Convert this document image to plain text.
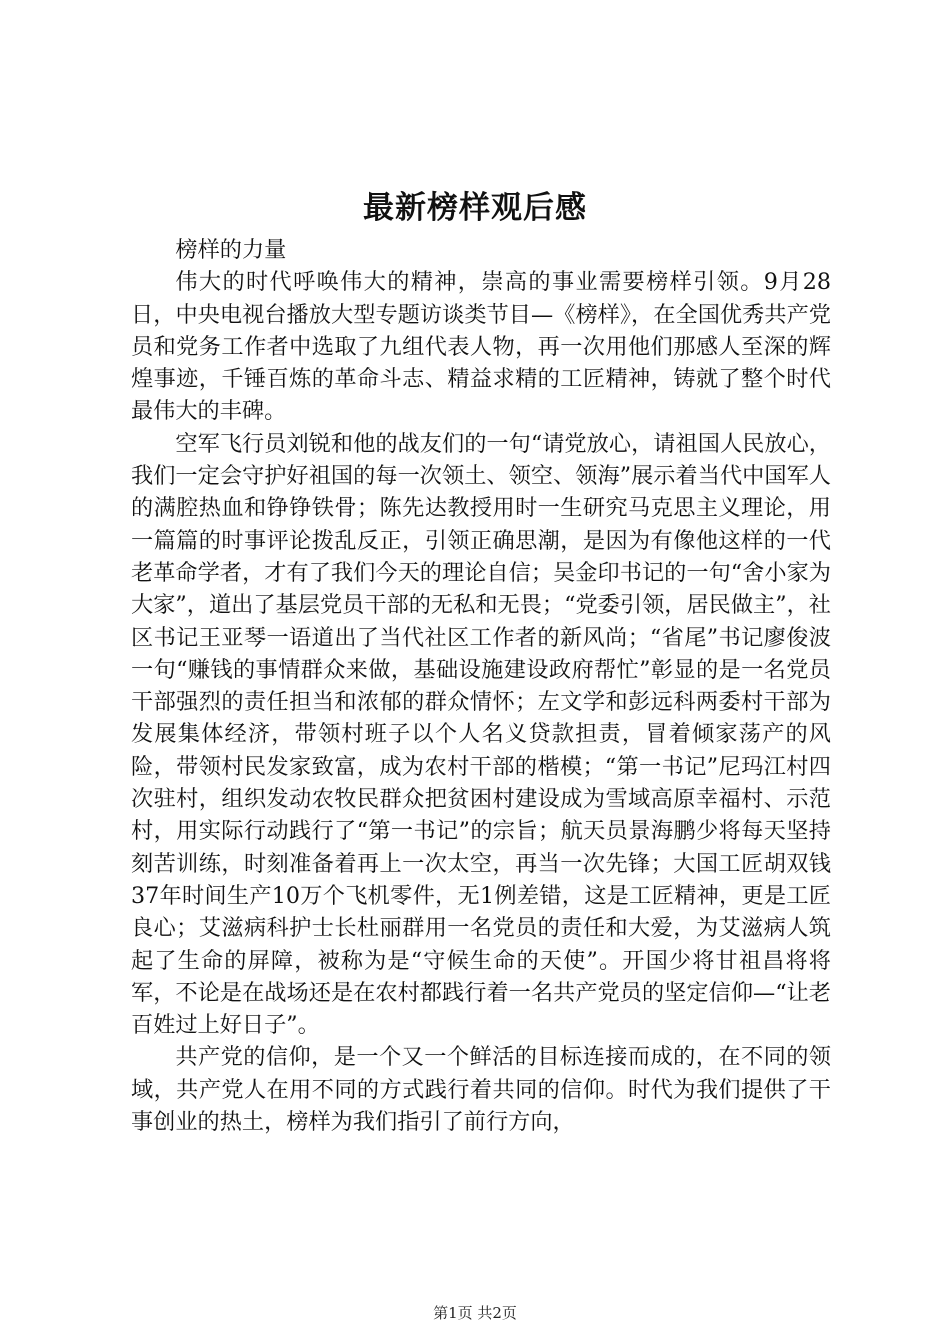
最新榜样观后感

榜样的力量

伟大的时代呼唤伟大的精神，崇高的事业需要榜样引领。9月28日，中央电视台播放大型专题访谈类节目—《榜样》，在全国优秀共产党员和党务工作者中选取了九组代表人物，再一次用他们那感人至深的辉煌事迹，千锤百炼的革命斗志、精益求精的工匠精神，铸就了整个时代最伟大的丰碑。

空军飞行员刘锐和他的战友们的一句“请党放心，请祖国人民放心，我们一定会守护好祖国的每一次领土、领空、领海”展示着当代中国军人的满腔热血和铮铮铁骨；陈先达教授用时一生研究马克思主义理论，用一篇篇的时事评论拨乱反正，引领正确思潮，是因为有像他这样的一代老革命学者，才有了我们今天的理论自信；吴金印书记的一句“舍小家为大家”，道出了基层党员干部的无私和无畏；“党委引领，居民做主”，社区书记王亚琴一语道出了当代社区工作者的新风尚；“省尾”书记廖俊波一句“赚钱的事情群众来做，基础设施建设政府帮忙”彰显的是一名党员干部强烈的责任担当和浓郁的群众情怀；左文学和彭远科两委村干部为发展集体经济，带领村班子以个人名义贷款担责，冒着倾家荡产的风险，带领村民发家致富，成为农村干部的楷模；“第一书记”尼玛江村四次驻村，组织发动农牧民群众把贫困村建设成为雪域高原幸福村、示范村，用实际行动践行了“第一书记”的宗旨；航天员景海鹏少将每天坚持刻苦训练，时刻准备着再上一次太空，再当一次先锋；大国工匠胡双钱37年时间生产10万个飞机零件，无1例差错，这是工匠精神，更是工匠良心；艾滋病科护士长杜丽群用一名党员的责任和大爱，为艾滋病人筑起了生命的屏障，被称为是“守候生命的天使”。开国少将甘祖昌将将军，不论是在战场还是在农村都践行着一名共产党员的坚定信仰—“让老百姓过上好日子”。

共产党的信仰，是一个又一个鲜活的目标连接而成的，在不同的领域，共产党人在用不同的方式践行着共同的信仰。时代为我们提供了干事创业的热土，榜样为我们指引了前行方向，

第1页 共2页
